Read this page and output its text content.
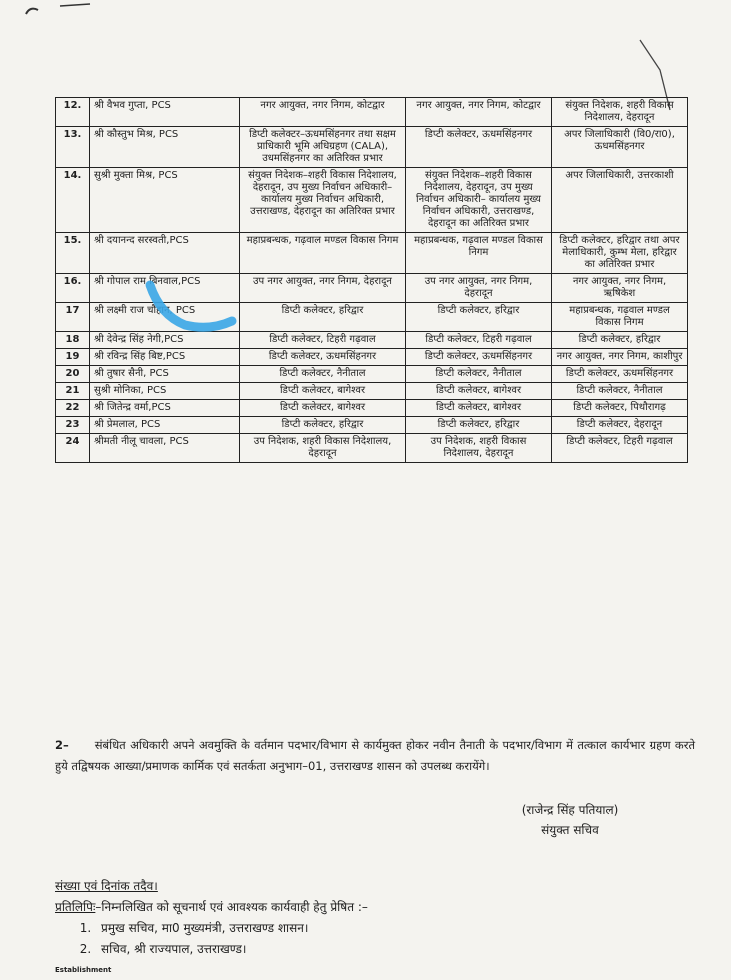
12.	श्री वैभव गुप्ता, PCS	नगर आयुक्त, नगर निगम, कोटद्वार	नगर आयुक्त, नगर निगम, कोटद्वार	संयुक्त निदेशक, शहरी विकास निदेशालय, देहरादून
13.	श्री कौस्तुभ मिश्र, PCS	डिप्टी कलेक्टर–ऊधमसिंहनगर तथा सक्षम प्राधिकारी भूमि अधिग्रहण (CALA), उधमसिंहनगर का अतिरिक्त प्रभार	डिप्टी कलेक्टर, ऊधमसिंहनगर	अपर जिलाधिकारी (वि0/रा0), ऊधमसिंहनगर
14.	सुश्री मुक्ता मिश्र, PCS	संयुक्त निदेशक–शहरी विकास निदेशालय, देहरादून, उप मुख्य निर्वाचन अधिकारी–कार्यालय मुख्य निर्वाचन अधिकारी, उत्तराखण्ड, देहरादून का अतिरिक्त प्रभार	संयुक्त निदेशक–शहरी विकास निदेशालय, देहरादून, उप मुख्य निर्वाचन अधिकारी– कार्यालय मुख्य निर्वाचन अधिकारी, उत्तराखण्ड, देहरादून का अतिरिक्त प्रभार	अपर जिलाधिकारी, उत्तरकाशी
15.	श्री दयानन्द सरस्वती,PCS	महाप्रबन्धक, गढ़वाल मण्डल विकास निगम	महाप्रबन्धक, गढ़वाल मण्डल विकास निगम	डिप्टी कलेक्टर, हरिद्वार तथा अपर मेलाधिकारी, कुम्भ मेला, हरिद्वार का अतिरिक्त प्रभार
16.	श्री गोपाल राम बिनवाल,PCS	उप नगर आयुक्त, नगर निगम, देहरादून	उप नगर आयुक्त, नगर निगम, देहरादून	नगर आयुक्त, नगर निगम, ऋषिकेश
17	श्री लक्ष्मी राज चौहान, PCS	डिप्टी कलेक्टर, हरिद्वार	डिप्टी कलेक्टर, हरिद्वार	महाप्रबन्धक, गढ़वाल मण्डल विकास निगम
18	श्री देवेन्द्र सिंह नेगी,PCS	डिप्टी कलेक्टर, टिहरी गढ़वाल	डिप्टी कलेक्टर, टिहरी गढ़वाल	डिप्टी कलेक्टर, हरिद्वार
19	श्री रविन्द्र सिंह बिष्ट,PCS	डिप्टी कलेक्टर, ऊधमसिंहनगर	डिप्टी कलेक्टर, ऊधमसिंहनगर	नगर आयुक्त, नगर निगम, काशीपुर
20	श्री तुषार सैनी, PCS	डिप्टी कलेक्टर, नैनीताल	डिप्टी कलेक्टर, नैनीताल	डिप्टी कलेक्टर, ऊधमसिंहनगर
21	सुश्री मोनिका, PCS	डिप्टी कलेक्टर, बागेश्वर	डिप्टी कलेक्टर, बागेश्वर	डिप्टी कलेक्टर, नैनीताल
22	श्री जितेन्द्र वर्मा,PCS	डिप्टी कलेक्टर, बागेश्वर	डिप्टी कलेक्टर, बागेश्वर	डिप्टी कलेक्टर, पिथौरागढ़
23	श्री प्रेमलाल, PCS	डिप्टी कलेक्टर, हरिद्वार	डिप्टी कलेक्टर, हरिद्वार	डिप्टी कलेक्टर, देहरादून
24	श्रीमती नीलू चावला, PCS	उप निदेशक, शहरी विकास निदेशालय, देहरादून	उप निदेशक, शहरी विकास निदेशालय, देहरादून	डिप्टी कलेक्टर, टिहरी गढ़वाल
2– संबंधित अधिकारी अपने अवमुक्ति के वर्तमान पदभार/विभाग से कार्यमुक्त होकर नवीन तैनाती के पदभार/विभाग में तत्काल कार्यभार ग्रहण करते हुये तद्विषयक आख्या/प्रमाणक कार्मिक एवं सतर्कता अनुभाग–01, उत्तराखण्ड शासन को उपलब्ध करायेंगे।
(राजेन्द्र सिंह पतियाल)
संयुक्त सचिव
संख्या एवं दिनांक तदैव।
प्रतिलिपिः–निम्नलिखित को सूचनार्थ एवं आवश्यक कार्यवाही हेतु प्रेषित :–
1. प्रमुख सचिव, मा0 मुख्यमंत्री, उत्तराखण्ड शासन।
2. सचिव, श्री राज्यपाल, उत्तराखण्ड।
Establishment
